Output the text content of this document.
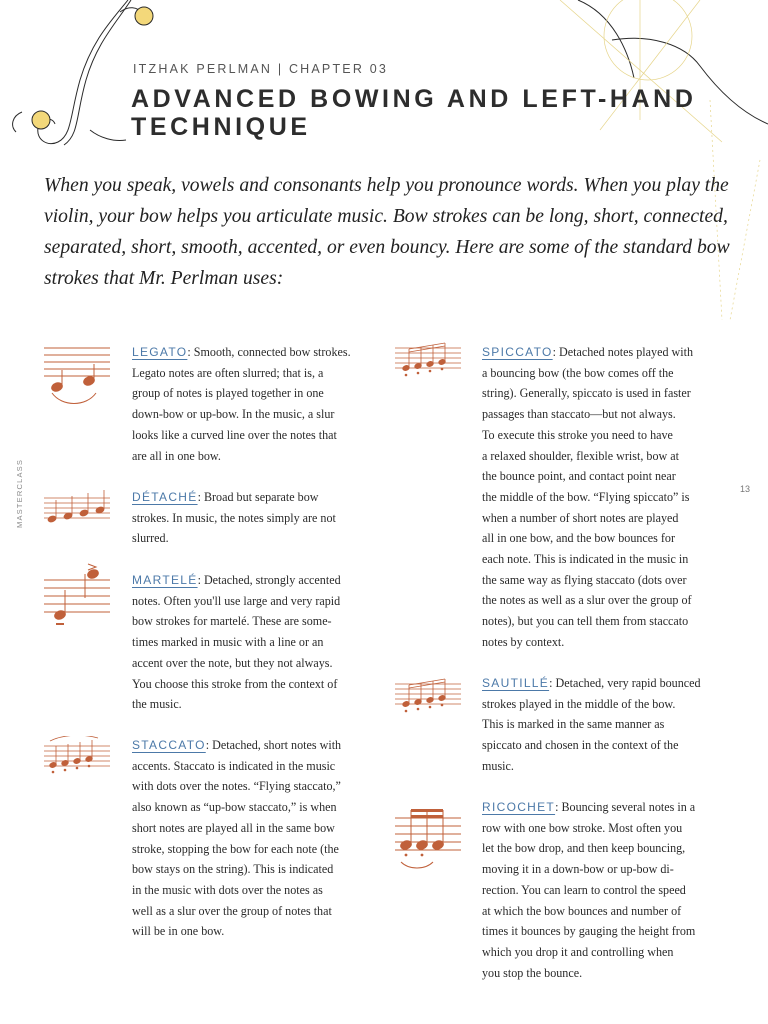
ITZHAK PERLMAN | CHAPTER 03
ADVANCED BOWING AND LEFT-HAND
TECHNIQUE
When you speak, vowels and consonants help you pronounce words. When you play the violin, your bow helps you articulate music. Bow strokes can be long, short, connected, separated, short, smooth, accented, or even bouncy. Here are some of the standard bow strokes that Mr. Perlman uses:
MASTERCLASS	13
LEGATO: Smooth, connected bow strokes.
Legato notes are often slurred; that is, a
group of notes is played together in one
down-bow or up-bow. In the music, a slur
looks like a curved line over the notes that
are all in one bow.
DÉTACHÉ: Broad but separate bow
strokes. In music, the notes simply are not
slurred.
MARTELÉ: Detached, strongly accented
notes. Often you'll use large and very rapid
bow strokes for martelé. These are some-
times marked in music with a line or an
accent over the note, but they not always.
You choose this stroke from the context of
the music.
STACCATO: Detached, short notes with
accents. Staccato is indicated in the music
with dots over the notes. “Flying staccato,”
also known as “up-bow staccato,” is when
short notes are played all in the same bow
stroke, stopping the bow for each note (the
bow stays on the string). This is indicated
in the music with dots over the notes as
well as a slur over the group of notes that
will be in one bow.
SPICCATO: Detached notes played with
a bouncing bow (the bow comes off the
string). Generally, spiccato is used in faster
passages than staccato—but not always.
To execute this stroke you need to have
a relaxed shoulder, flexible wrist, bow at
the bounce point, and contact point near
the middle of the bow. “Flying spiccato” is
when a number of short notes are played
all in one bow, and the bow bounces for
each note. This is indicated in the music in
the same way as flying staccato (dots over
the notes as well as a slur over the group of
notes), but you can tell them from staccato
notes by context.
SAUTILLÉ: Detached, very rapid bounced
strokes played in the middle of the bow.
This is marked in the same manner as
spiccato and chosen in the context of the
music.
RICOCHET: Bouncing several notes in a
row with one bow stroke. Most often you
let the bow drop, and then keep bouncing,
moving it in a down-bow or up-bow di-
rection. You can learn to control the speed
at which the bow bounces and number of
times it bounces by gauging the height from
which you drop it and controlling when
you stop the bounce.
